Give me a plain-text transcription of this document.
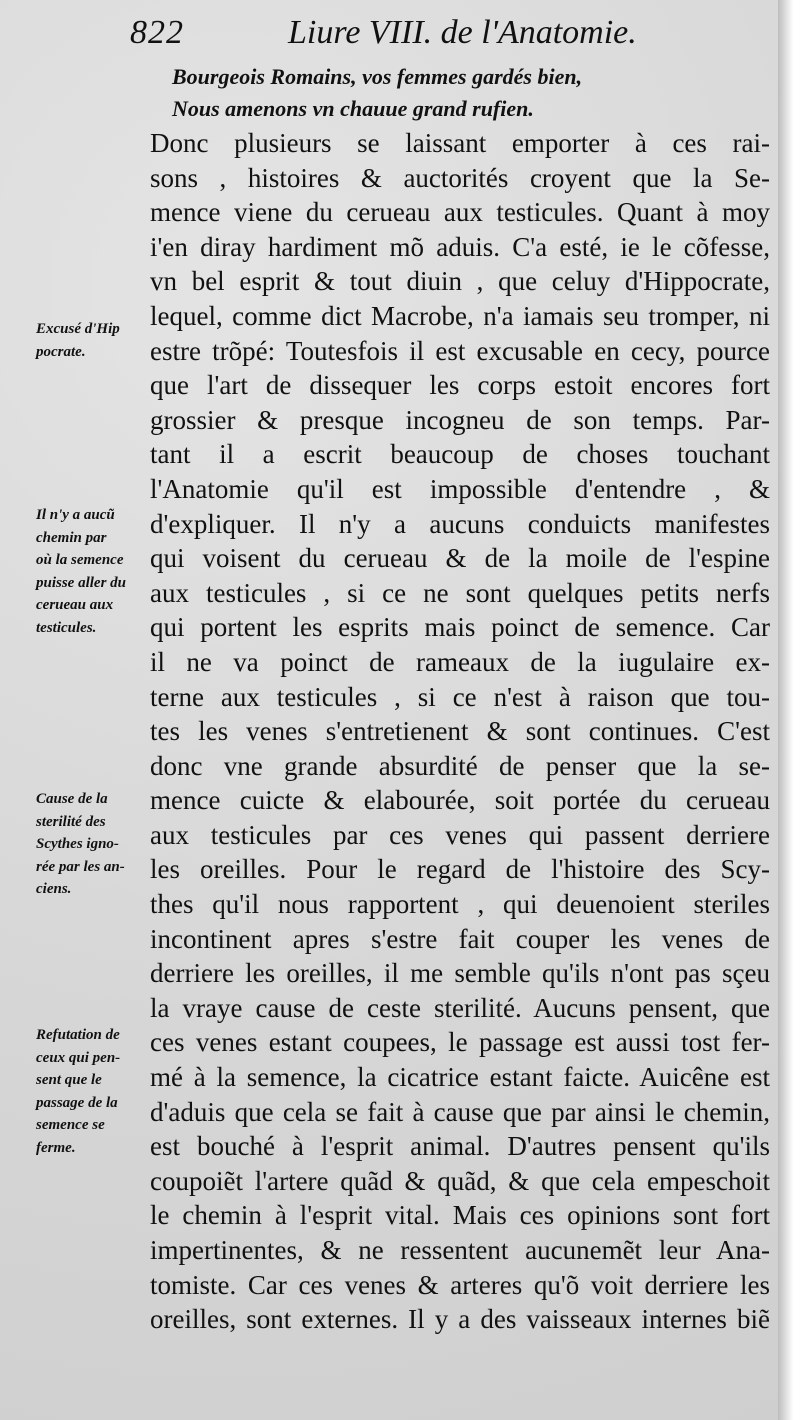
822	Liure VIII. de l'Anatomie.
Bourgeois Romains, vos femmes gardés bien,
Nous amenons vn chauue grand rufien.
Excusé d'Hip
pocrate.
Il n'y a aucũ
chemin par
où la semence
puisse aller du
cerueau aux
testicules.
Cause de la
sterilité des
Scythes igno-
rée par les an-
ciens.
Refutation de
ceux qui pen-
sent que le
passage de la
semence se
ferme.
Donc plusieurs se laissant emporter à ces rai-
sons , histoires & auctorités croyent que la Se-
mence viene du cerueau aux testicules. Quant à moy
i'en diray hardiment mõ aduis. C'a esté, ie le cõfesse,
vn bel esprit & tout diuin , que celuy d'Hippocrate,
lequel, comme dict Macrobe, n'a iamais seu tromper, ni
estre trõpé: Toutesfois il est excusable en cecy, pource
que l'art de dissequer les corps estoit encores fort
grossier & presque incogneu de son temps. Par-
tant il a escrit beaucoup de choses touchant
l'Anatomie qu'il est impossible d'entendre , &
d'expliquer. Il n'y a aucuns conduicts manifestes
qui voisent du cerueau & de la moile de l'espine
aux testicules , si ce ne sont quelques petits nerfs
qui portent les esprits mais poinct de semence. Car
il ne va poinct de rameaux de la iugulaire ex-
terne aux testicules , si ce n'est à raison que tou-
tes les venes s'entretienent & sont continues. C'est
donc vne grande absurdité de penser que la se-
mence cuicte & elabourée, soit portée du cerueau
aux testicules par ces venes qui passent derriere
les oreilles. Pour le regard de l'histoire des Scy-
thes qu'il nous rapportent , qui deuenoient steriles
incontinent apres s'estre fait couper les venes de
derriere les oreilles, il me semble qu'ils n'ont pas sçeu
la vraye cause de ceste sterilité. Aucuns pensent, que
ces venes estant coupees, le passage est aussi tost fer-
mé à la semence, la cicatrice estant faicte. Auicêne est
d'aduis que cela se fait à cause que par ainsi le chemin,
est bouché à l'esprit animal. D'autres pensent qu'ils
coupoiẽt l'artere quãd & quãd, & que cela empeschoit
le chemin à l'esprit vital. Mais ces opinions sont fort
impertinentes, & ne ressentent aucunemẽt leur Ana-
tomiste. Car ces venes & arteres qu'õ voit derriere les
oreilles, sont externes. Il y a des vaisseaux internes biẽ
